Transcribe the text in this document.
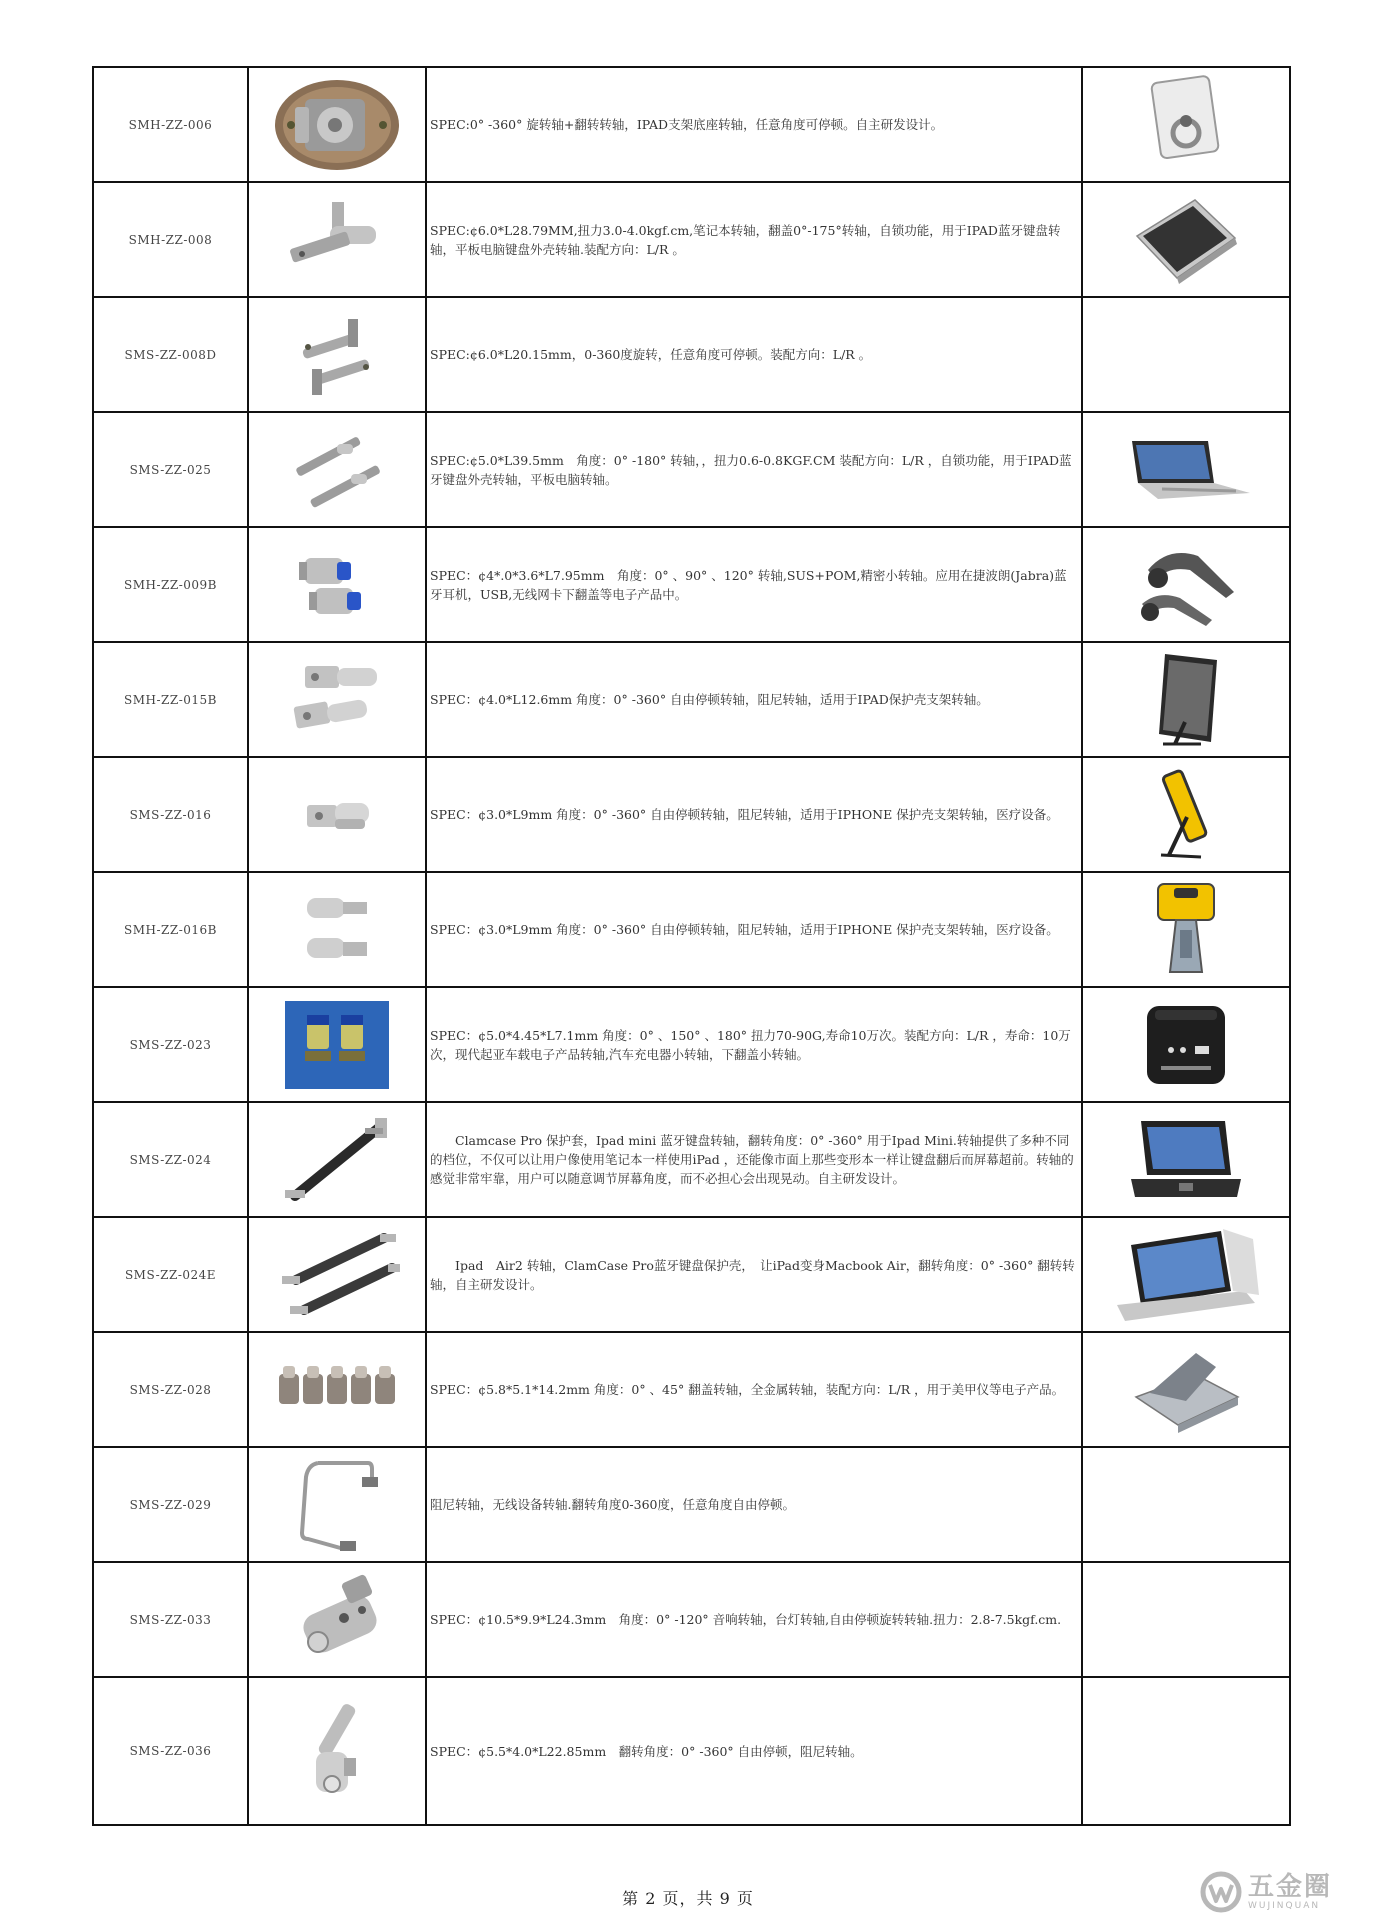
SMH-ZZ-006		SPEC:0° -360° 旋转轴+翻转转轴，IPAD支架底座转轴，任意角度可停顿。自主研发设计。	

SMH-ZZ-008		SPEC:¢6.0*L28.79MM,扭力3.0-4.0kgf.cm,笔记本转轴，翻盖0°-175°转轴，自锁功能，用于IPAD蓝牙键盘转轴，平板电脑键盘外壳转轴.装配方向：L/R 。	

SMS-ZZ-008D		SPEC:¢6.0*L20.15mm，0-360度旋转，任意角度可停顿。装配方向：L/R 。	
SMS-ZZ-025		SPEC:¢5.0*L39.5mm　角度：0° -180° 转轴，，扭力0.6-0.8KGF.CM 装配方向：L/R ，自锁功能，用于IPAD蓝牙键盘外壳转轴，平板电脑转轴。	

SMH-ZZ-009B		SPEC：¢4*.0*3.6*L7.95mm　角度：0° 、90° 、120° 转轴,SUS+POM,精密小转轴。应用在捷波朗(Jabra)蓝牙耳机，USB,无线网卡下翻盖等电子产品中。	

SMH-ZZ-015B		SPEC：¢4.0*L12.6mm 角度：0° -360° 自由停顿转轴，阻尼转轴，适用于IPAD保护壳支架转轴。	

SMS-ZZ-016		SPEC：¢3.0*L9mm 角度：0° -360° 自由停顿转轴，阻尼转轴，适用于IPHONE 保护壳支架转轴，医疗设备。	

SMH-ZZ-016B		SPEC：¢3.0*L9mm 角度：0° -360° 自由停顿转轴，阻尼转轴，适用于IPHONE 保护壳支架转轴，医疗设备。	

SMS-ZZ-023		SPEC：¢5.0*4.45*L7.1mm 角度：0° 、150° 、180° 扭力70-90G,寿命10万次。装配方向：L/R ，寿命：10万次，现代起亚车载电子产品转轴,汽车充电器小转轴，下翻盖小转轴。	

SMS-ZZ-024		　　Clamcase Pro 保护套，Ipad mini 蓝牙键盘转轴，翻转角度：0° -360° 用于Ipad Mini.转轴提供了多种不同的档位，不仅可以让用户像使用笔记本一样使用iPad ，还能像市面上那些变形本一样让键盘翻后而屏幕超前。转轴的感觉非常牢靠，用户可以随意调节屏幕角度，而不必担心会出现晃动。自主研发设计。	

SMS-ZZ-024E		　　Ipad　Air2 转轴，ClamCase Pro蓝牙键盘保护壳，　让iPad变身Macbook Air，翻转角度：0° -360° 翻转转轴，自主研发设计。	

SMS-ZZ-028		SPEC：¢5.8*5.1*14.2mm 角度：0° 、45° 翻盖转轴，全金属转轴，装配方向：L/R ，用于美甲仪等电子产品。	

SMS-ZZ-029		阻尼转轴，无线设备转轴.翻转角度0-360度，任意角度自由停顿。	
SMS-ZZ-033		SPEC：¢10.5*9.9*L24.3mm　角度：0° -120° 音响转轴，台灯转轴,自由停顿旋转转轴.扭力：2.8-7.5kgf.cm.	
SMS-ZZ-036		SPEC：¢5.5*4.0*L22.85mm　翻转角度：0° -360° 自由停顿，阻尼转轴。	
第 2 页，共 9 页	五金圈
WUJINQUAN
